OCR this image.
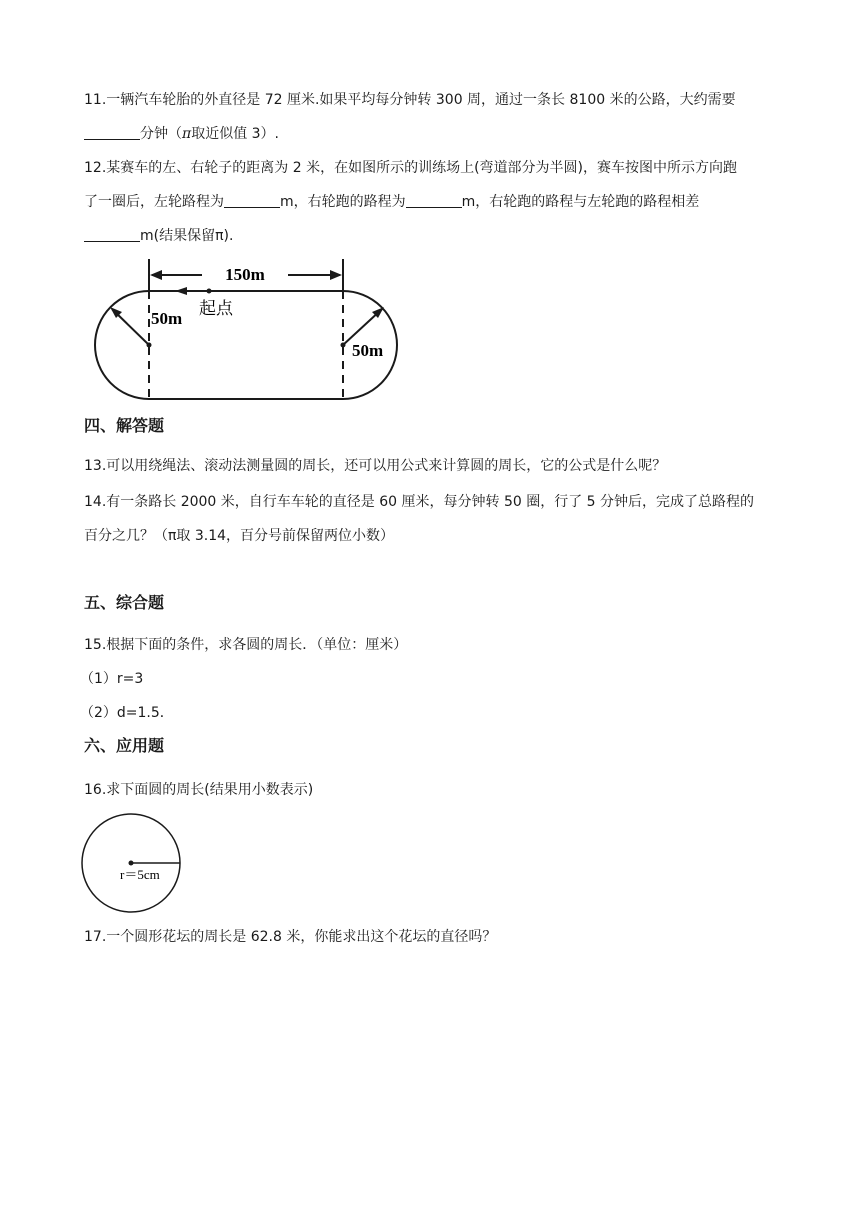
11.一辆汽车轮胎的外直径是 72 厘米.如果平均每分钟转 300 周，通过一条长 8100 米的公路，大约需要
分钟（π取近似值 3）.
12.某赛车的左、右轮子的距离为 2 米，在如图所示的训练场上(弯道部分为半圆)，赛车按图中所示方向跑
了一圈后，左轮路程为	m，右轮跑的路程为	m，右轮跑的路程与左轮跑的路程相差
m(结果保留π).
150m
起点
50m
50m
四、解答题
13.可以用绕绳法、滚动法测量圆的周长，还可以用公式来计算圆的周长，它的公式是什么呢？
14.有一条路长 2000 米，自行车车轮的直径是 60 厘米，每分钟转 50 圈，行了 5 分钟后，完成了总路程的
百分之几？（π取 3.14，百分号前保留两位小数）
五、综合题
15.根据下面的条件，求各圆的周长．（单位：厘米）
（1）r=3
（2）d=1.5．
六、应用题
16.求下面圆的周长(结果用小数表示)
r＝5cm
17.一个圆形花坛的周长是 62.8 米，你能求出这个花坛的直径吗？
